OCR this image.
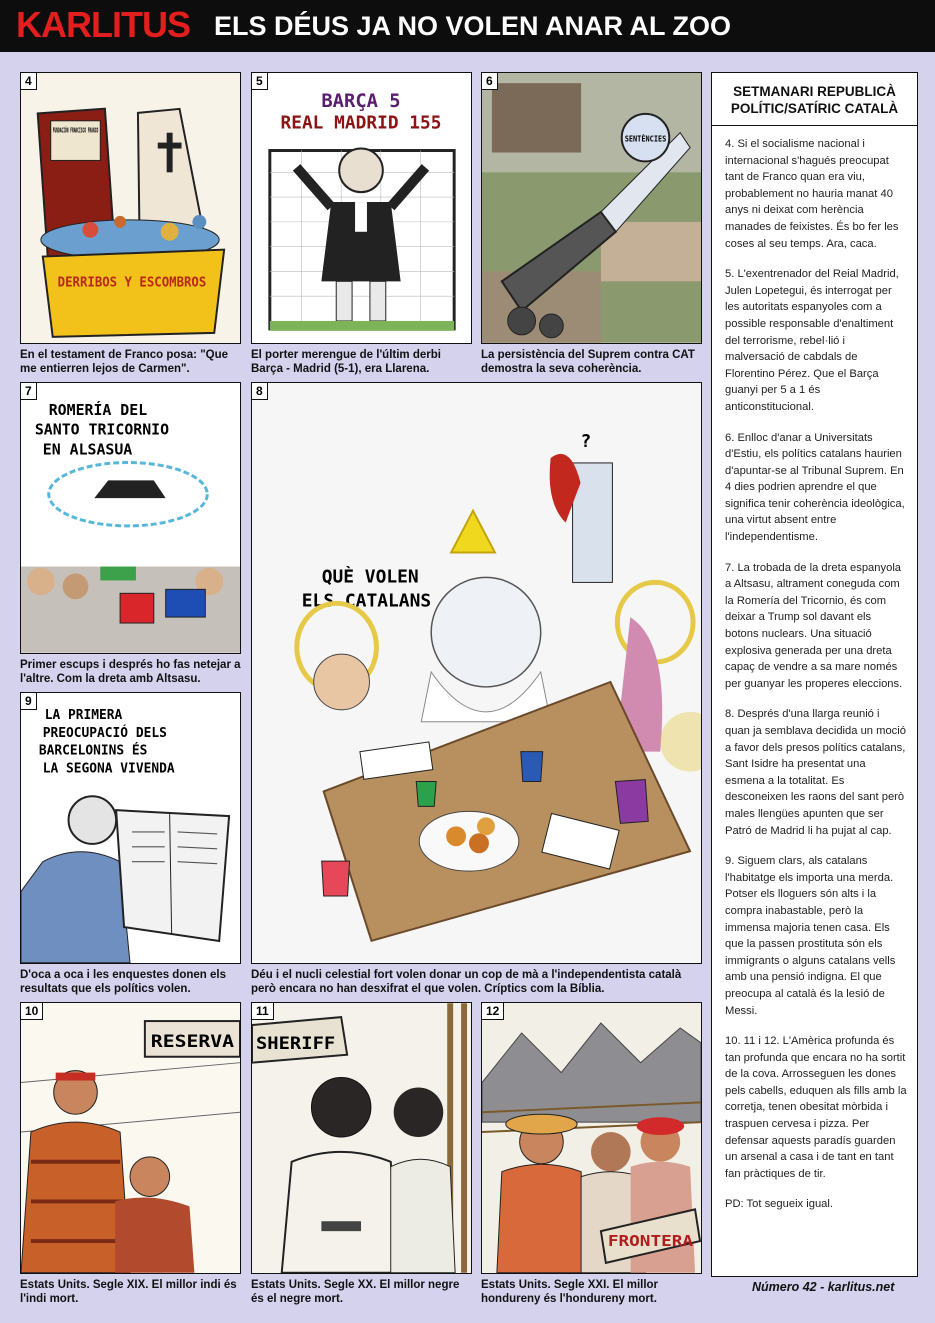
KARLITUS ELS DÉUS JA NO VOLEN ANAR AL ZOO
4
DERRIBOS Y ESCOMBROS
En el testament de Franco posa: "Que me entierren lejos de Carmen".
5
BARÇA 5
REAL MADRID 155
El porter merengue de l'últim derbi Barça - Madrid (5-1), era Llarena.
6
SENTÈNCIES
La persistència del Suprem contra CAT demostra la seva coherència.
7
ROMERÍA DEL
SANTO TRICORNIO
EN ALSASUA
Primer escups i després ho fas netejar a l'altre. Com la dreta amb Altsasu.
8
?
QUÈ VOLEN
ELS CATALANS
Déu i el nucli celestial fort volen donar un cop de mà a l'independentista català però encara no han desxifrat el que volen. Críptics com la Bíblia.
9
LA PRIMERA
PREOCUPACIÓ DELS
BARCELONINS ÉS
LA SEGONA VIVENDA
D'oca a oca i les enquestes donen els resultats que els polítics volen.
10
RESERVA
Estats Units. Segle XIX. El millor indi és l'indi mort.
11
SHERIFF
Estats Units. Segle XX. El millor negre és el negre mort.
12
FRONTERA
Estats Units. Segle XXI. El millor hondureny és l'hondureny mort.
SETMANARI REPUBLICÀ POLÍTIC/SATÍRIC CATALÀ

4. Si el socialisme nacional i internacional s'hagués preocupat tant de Franco quan era viu, probablement no hauria manat 40 anys ni deixat com herència manades de feixistes. És bo fer les coses al seu temps. Ara, caca.

5. L'exentrenador del Reial Madrid, Julen Lopetegui, és interrogat per les autoritats espanyoles com a possible responsable d'enaltiment del terrorisme, rebel·lió i malversació de cabdals de Florentino Pérez. Que el Barça guanyi per 5 a 1 és anticonstitucional.

6. Enlloc d'anar a Universitats d'Estiu, els polítics catalans haurien d'apuntar-se al Tribunal Suprem. En 4 dies podrien aprendre el que significa tenir coherència ideològica, una virtut absent entre l'independentisme.

7. La trobada de la dreta espanyola a Altsasu, altrament coneguda com la Romería del Tricornio, és com deixar a Trump sol davant els botons nuclears. Una situació explosiva generada per una dreta capaç de vendre a sa mare només per guanyar les properes eleccions.

8. Després d'una llarga reunió i quan ja semblava decidida un moció a favor dels presos polítics catalans, Sant Isidre ha presentat una esmena a la totalitat. Es desconeixen les raons del sant però males llengües apunten que ser Patró de Madrid li ha pujat al cap.

9. Siguem clars, als catalans l'habitatge els importa una merda. Potser els lloguers són alts i la compra inabastable, però la immensa majoria tenen casa. Els que la passen prostituta són els immigrants o alguns catalans vells amb una pensió indigna. El que preocupa al català és la lesió de Messi.

10. 11 i 12. L'Amèrica profunda és tan profunda que encara no ha sortit de la cova. Arrosseguen les dones pels cabells, eduquen als fills amb la corretja, tenen obesitat mòrbida i traspuen cervesa i pizza. Per defensar aquests paradís guarden un arsenal a casa i de tant en tant fan pràctiques de tir.

PD: Tot segueix igual.

Número 42 - karlitus.net
